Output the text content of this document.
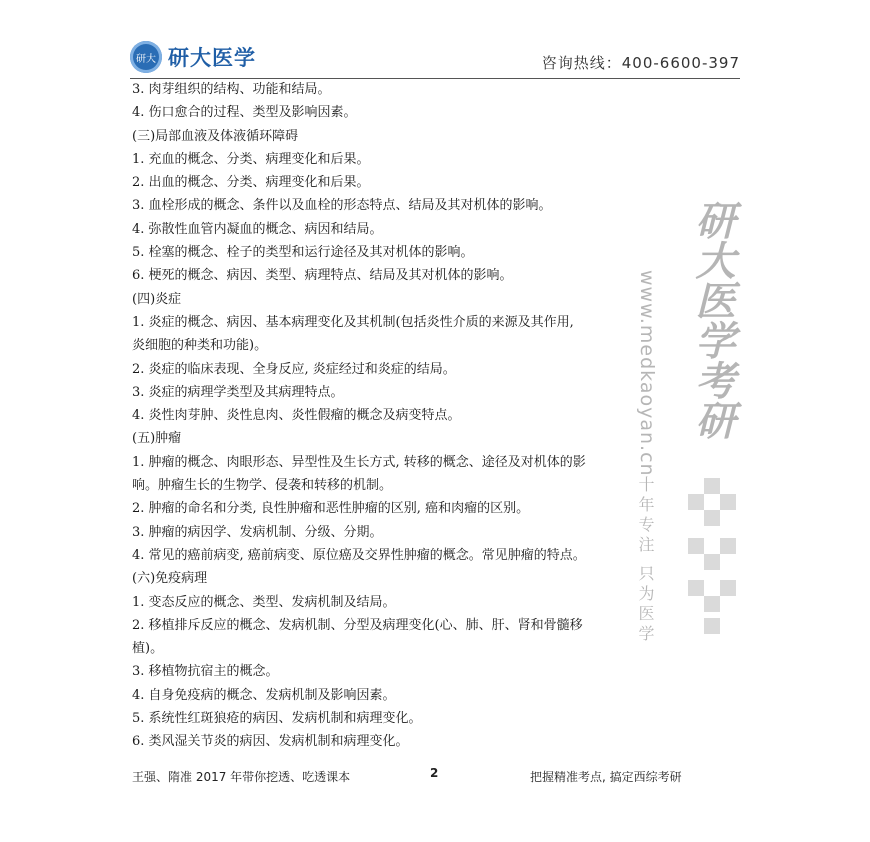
研大 研大医学	咨询热线：400-6600-397
3. 肉芽组织的结构、功能和结局。
4. 伤口愈合的过程、类型及影响因素。
(三)局部血液及体液循环障碍
1. 充血的概念、分类、病理变化和后果。
2. 出血的概念、分类、病理变化和后果。
3. 血栓形成的概念、条件以及血栓的形态特点、结局及其对机体的影响。
4. 弥散性血管内凝血的概念、病因和结局。
5. 栓塞的概念、栓子的类型和运行途径及其对机体的影响。
6. 梗死的概念、病因、类型、病理特点、结局及其对机体的影响。
(四)炎症
1. 炎症的概念、病因、基本病理变化及其机制(包括炎性介质的来源及其作用,
炎细胞的种类和功能)。
2. 炎症的临床表现、全身反应, 炎症经过和炎症的结局。
3. 炎症的病理学类型及其病理特点。
4. 炎性肉芽肿、炎性息肉、炎性假瘤的概念及病变特点。
(五)肿瘤
1. 肿瘤的概念、肉眼形态、异型性及生长方式, 转移的概念、途径及对机体的影
响。肿瘤生长的生物学、侵袭和转移的机制。
2. 肿瘤的命名和分类, 良性肿瘤和恶性肿瘤的区别, 癌和肉瘤的区别。
3. 肿瘤的病因学、发病机制、分级、分期。
4. 常见的癌前病变, 癌前病变、原位癌及交界性肿瘤的概念。常见肿瘤的特点。
(六)免疫病理
1. 变态反应的概念、类型、发病机制及结局。
2. 移植排斥反应的概念、发病机制、分型及病理变化(心、肺、肝、肾和骨髓移
植)。
3. 移植物抗宿主的概念。
4. 自身免疫病的概念、发病机制及影响因素。
5. 系统性红斑狼疮的病因、发病机制和病理变化。
6. 类风湿关节炎的病因、发病机制和病理变化。
研大医学考研
www.medkaoyan.cn
十年专注 只为医学
王强、隋准 2017 年带你挖透、吃透课本	2	把握精准考点, 搞定西综考研
